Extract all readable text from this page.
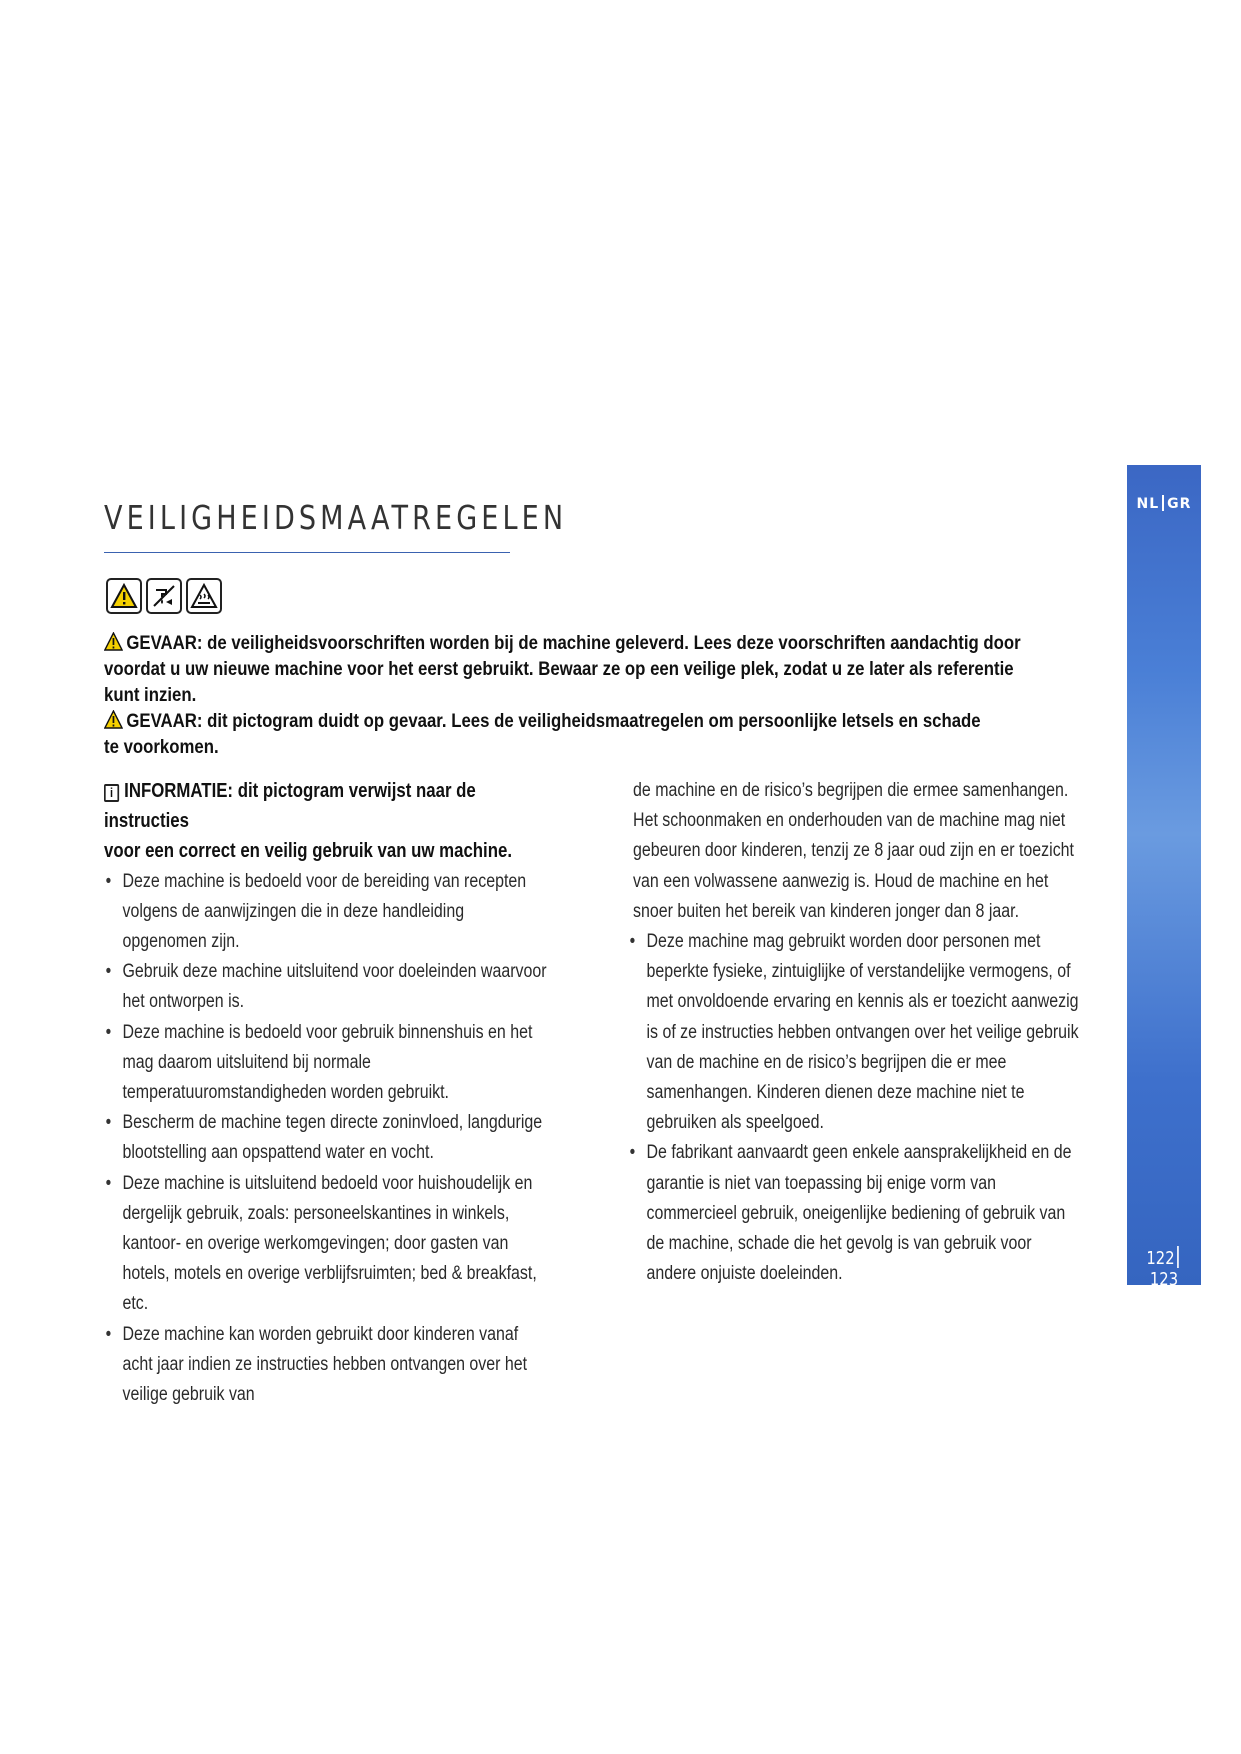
VEILIGHEIDSMAATREGELEN

GEVAAR: de veiligheidsvoorschriften worden bij de machine geleverd. Lees deze voorschriften aandachtig door

voordat u uw nieuwe machine voor het eerst gebruikt. Bewaar ze op een veilige plek, zodat u ze later als referentie

kunt inzien.

GEVAAR: dit pictogram duidt op gevaar. Lees de veiligheidsmaatregelen om persoonlijke letsels en schade

te voorkomen.

i INFORMATIE: dit pictogram verwijst naar de instructies

voor een correct en veilig gebruik van uw machine.

• Deze machine is bedoeld voor de bereiding van recepten volgens de aanwijzingen die in deze handleiding opgenomen zijn.
• Gebruik deze machine uitsluitend voor doeleinden waarvoor het ontworpen is.
• Deze machine is bedoeld voor gebruik binnenshuis en het mag daarom uitsluitend bij normale temperatuuromstandigheden worden gebruikt.
• Bescherm de machine tegen directe zoninvloed, langdurige blootstelling aan opspattend water en vocht.
• Deze machine is uitsluitend bedoeld voor huishoudelijk en dergelijk gebruik, zoals: personeelskantines in winkels, kantoor- en overige werkomgevingen; door gasten van hotels, motels en overige verblijfsruimten; bed & breakfast, etc.
• Deze machine kan worden gebruikt door kinderen vanaf acht jaar indien ze instructies hebben ontvangen over het veilige gebruik van

de machine en de risico’s begrijpen die ermee samenhangen. Het schoonmaken en onderhouden van de machine mag niet gebeuren door kinderen, tenzij ze 8 jaar oud zijn en er toezicht van een volwassene aanwezig is. Houd de machine en het snoer buiten het bereik van kinderen jonger dan 8 jaar.

• Deze machine mag gebruikt worden door personen met beperkte fysieke, zintuiglijke of verstandelijke vermogens, of met onvoldoende ervaring en kennis als er toezicht aanwezig is of ze instructies hebben ontvangen over het veilige gebruik van de machine en de risico’s begrijpen die er mee samenhangen. Kinderen dienen deze machine niet te gebruiken als speelgoed.
• De fabrikant aanvaardt geen enkele aansprakelijkheid en de garantie is niet van toepassing bij enige vorm van commercieel gebruik, oneigenlijke bediening of gebruik van de machine, schade die het gevolg is van gebruik voor andere onjuiste doeleinden.
NL GR
122123
